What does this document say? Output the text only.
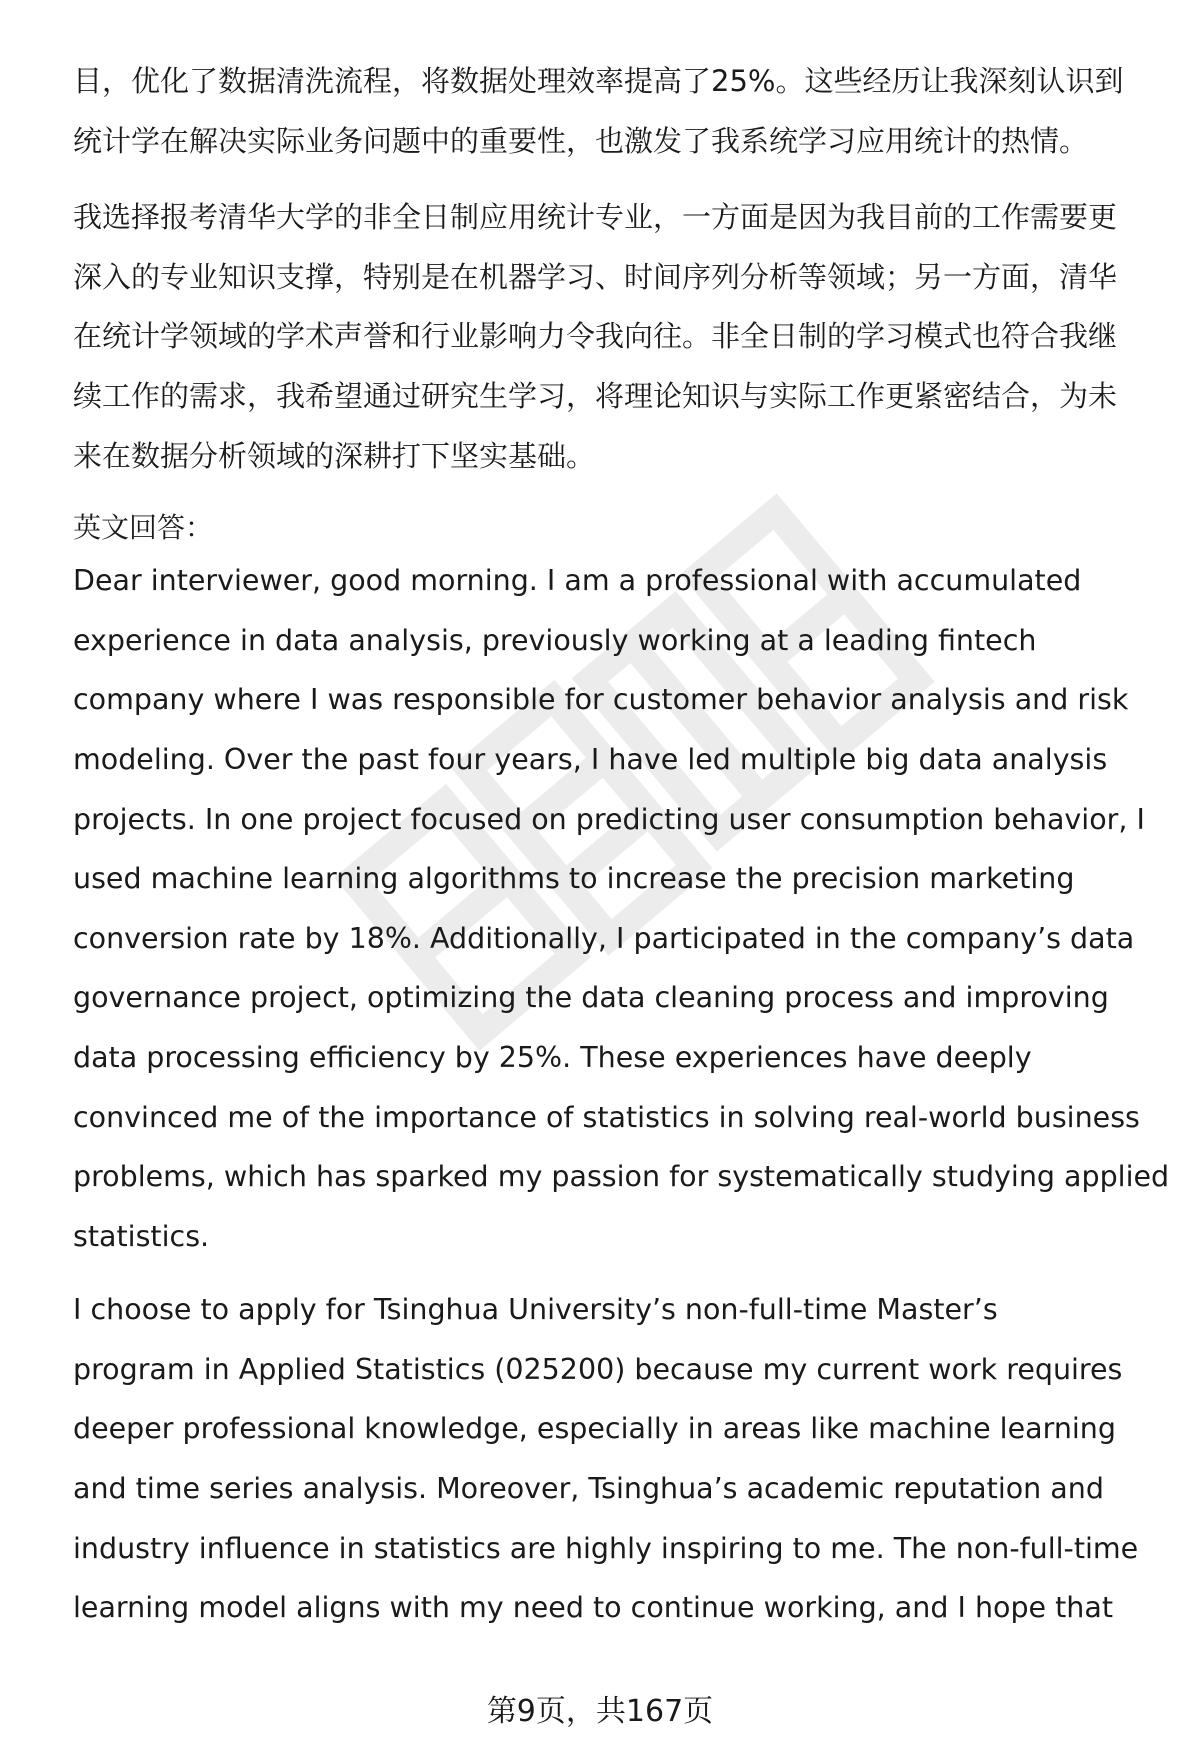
目，优化了数据清洗流程，将数据处理效率提高了25%。这些经历让我深刻认识到
统计学在解决实际业务问题中的重要性，也激发了我系统学习应用统计的热情。
我选择报考清华大学的非全日制应用统计专业，一方面是因为我目前的工作需要更
深入的专业知识支撑，特别是在机器学习、时间序列分析等领域；另一方面，清华
在统计学领域的学术声誉和行业影响力令我向往。非全日制的学习模式也符合我继
续工作的需求，我希望通过研究生学习，将理论知识与实际工作更紧密结合，为未
来在数据分析领域的深耕打下坚实基础。
英文回答：
Dear interviewer, good morning. I am a professional with accumulated
experience in data analysis, previously working at a leading fintech
company where I was responsible for customer behavior analysis and risk
modeling. Over the past four years, I have led multiple big data analysis
projects. In one project focused on predicting user consumption behavior, I
used machine learning algorithms to increase the precision marketing
conversion rate by 18%. Additionally, I participated in the company’s data
governance project, optimizing the data cleaning process and improving
data processing efficiency by 25%. These experiences have deeply
convinced me of the importance of statistics in solving real-world business
problems, which has sparked my passion for systematically studying applied
statistics.
I choose to apply for Tsinghua University’s non-full-time Master’s
program in Applied Statistics (025200) because my current work requires
deeper professional knowledge, especially in areas like machine learning
and time series analysis. Moreover, Tsinghua’s academic reputation and
industry influence in statistics are highly inspiring to me. The non-full-time
learning model aligns with my need to continue working, and I hope that
第9页，共167页
